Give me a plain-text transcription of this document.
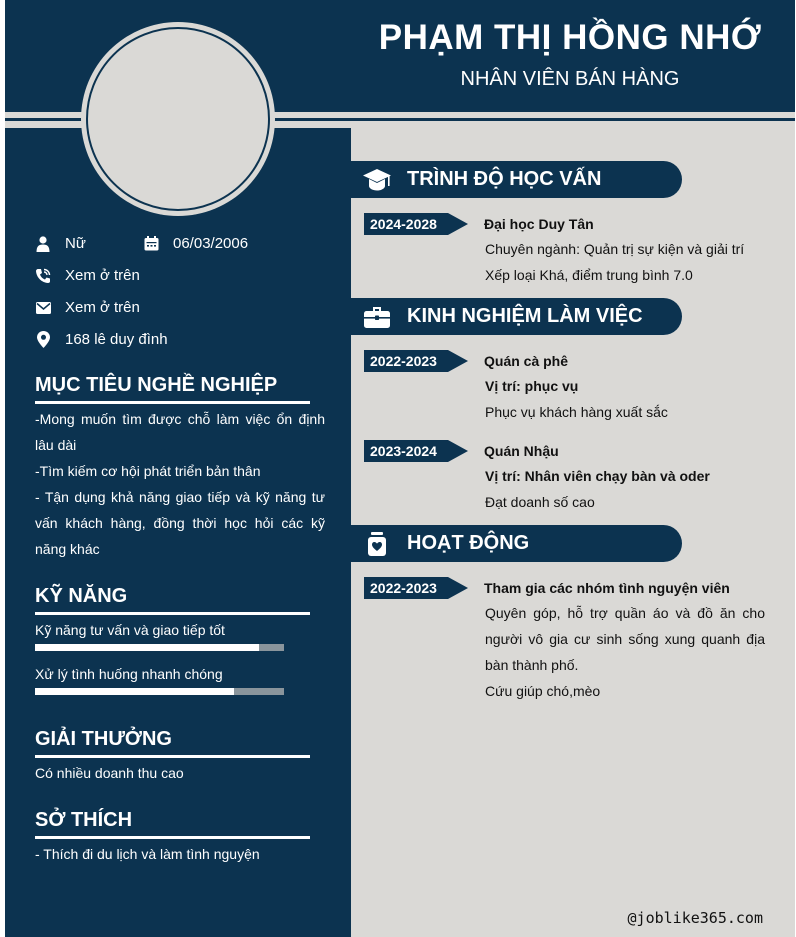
PHẠM THỊ HỒNG NHỚ
NHÂN VIÊN BÁN HÀNG
Nữ	06/03/2006
Xem ở trên
Xem ở trên
168 lê duy đình
MỤC TIÊU NGHỀ NGHIỆP
-Mong muốn tìm được chỗ làm việc ổn định lâu dài
-Tìm kiếm cơ hội phát triển bản thân
- Tận dụng khả năng giao tiếp và kỹ năng tư vấn khách hàng, đồng thời học hỏi các kỹ năng khác
KỸ NĂNG
Kỹ năng tư vấn và giao tiếp tốt
Xử lý tình huống nhanh chóng
GIẢI THƯỞNG
Có nhiều doanh thu cao
SỞ THÍCH
- Thích đi du lịch và làm tình nguyện
TRÌNH ĐỘ HỌC VẤN
2024-2028	Đại học Duy Tân
Chuyên ngành: Quản trị sự kiện và giải trí
Xếp loại Khá, điểm trung bình 7.0
KINH NGHIỆM LÀM VIỆC
2022-2023	Quán cà phê
Vị trí: phục vụ
Phục vụ khách hàng xuất sắc
2023-2024	Quán Nhậu
Vị trí: Nhân viên chạy bàn và oder
Đạt doanh số cao
HOẠT ĐỘNG
2022-2023	Tham gia các nhóm tình nguyện viên
Quyên góp, hỗ trợ quần áo và đồ ăn cho người vô gia cư sinh sống xung quanh địa bàn thành phố.
Cứu giúp chó,mèo
@joblike365.com
